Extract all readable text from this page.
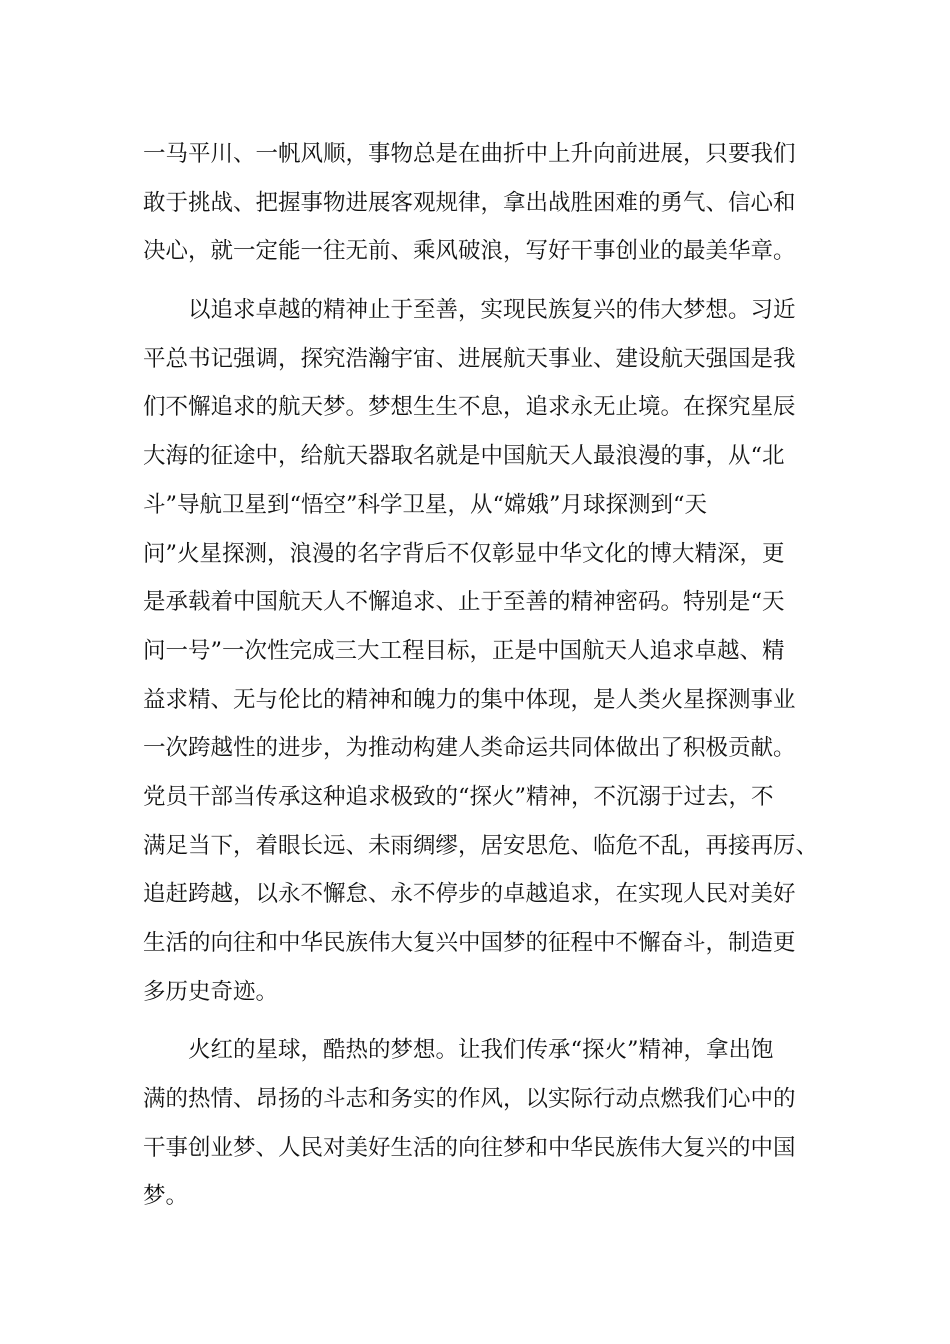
一马平川、一帆风顺，事物总是在曲折中上升向前进展，只要我们
敢于挑战、把握事物进展客观规律，拿出战胜困难的勇气、信心和
决心，就一定能一往无前、乘风破浪，写好干事创业的最美华章。
以追求卓越的精神止于至善，实现民族复兴的伟大梦想。习近
平总书记强调，探究浩瀚宇宙、进展航天事业、建设航天强国是我
们不懈追求的航天梦。梦想生生不息，追求永无止境。在探究星辰
大海的征途中，给航天器取名就是中国航天人最浪漫的事，从“北
斗”导航卫星到“悟空”科学卫星，从“嫦娥”月球探测到“天
问”火星探测，浪漫的名字背后不仅彰显中华文化的博大精深，更
是承载着中国航天人不懈追求、止于至善的精神密码。特别是“天
问一号”一次性完成三大工程目标，正是中国航天人追求卓越、精
益求精、无与伦比的精神和魄力的集中体现，是人类火星探测事业
一次跨越性的进步，为推动构建人类命运共同体做出了积极贡献。
党员干部当传承这种追求极致的“探火”精神，不沉溺于过去，不
满足当下，着眼长远、未雨绸缪，居安思危、临危不乱，再接再厉、
追赶跨越，以永不懈怠、永不停步的卓越追求，在实现人民对美好
生活的向往和中华民族伟大复兴中国梦的征程中不懈奋斗，制造更
多历史奇迹。
火红的星球，酷热的梦想。让我们传承“探火”精神，拿出饱
满的热情、昂扬的斗志和务实的作风，以实际行动点燃我们心中的
干事创业梦、人民对美好生活的向往梦和中华民族伟大复兴的中国
梦。
